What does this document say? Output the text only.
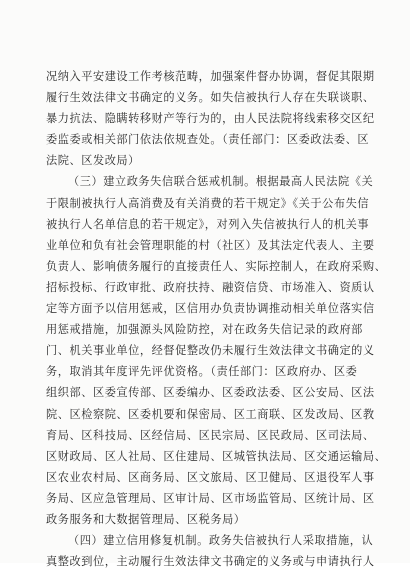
况纳入平安建设工作考核范畴，加强案件督办协调，督促其限期
履行生效法律文书确定的义务。如失信被执行人存在失联谈职、
暴力抗法、隐瞒转移财产等行为的，由人民法院将线索移交区纪
委监委或相关部门依法依规查处。（责任部门：区委政法委、区
法院、区发改局）
（三）建立政务失信联合惩戒机制。根据最高人民法院《关
于限制被执行人高消费及有关消费的若干规定》《关于公布失信
被执行人名单信息的若干规定》，对列入失信被执行人的机关事
业单位和负有社会管理职能的村（社区）及其法定代表人、主要
负责人、影响债务履行的直接责任人、实际控制人，在政府采购、
招标投标、行政审批、政府扶持、融资信贷、市场准入、资质认
定等方面予以信用惩戒，区信用办负责协调推动相关单位落实信
用惩戒措施，加强源头风险防控，对在政务失信记录的政府部
门、机关事业单位，经督促整改仍未履行生效法律文书确定的义
务，取消其年度评先评优资格。（责任部门：区政府办、区委
组织部、区委宣传部、区委编办、区委政法委、区公安局、区法
院、区检察院、区委机要和保密局、区工商联、区发改局、区教
育局、区科技局、区经信局、区民宗局、区民政局、区司法局、
区财政局、区人社局、区住建局、区城管执法局、区交通运输局、
区农业农村局、区商务局、区文旅局、区卫健局、区退役军人事
务局、区应急管理局、区审计局、区市场监管局、区统计局、区
政务服务和大数据管理局、区税务局）
（四）建立信用修复机制。政务失信被执行人采取措施，认
真整改到位，主动履行生效法律文书确定的义务或与申请执行人
